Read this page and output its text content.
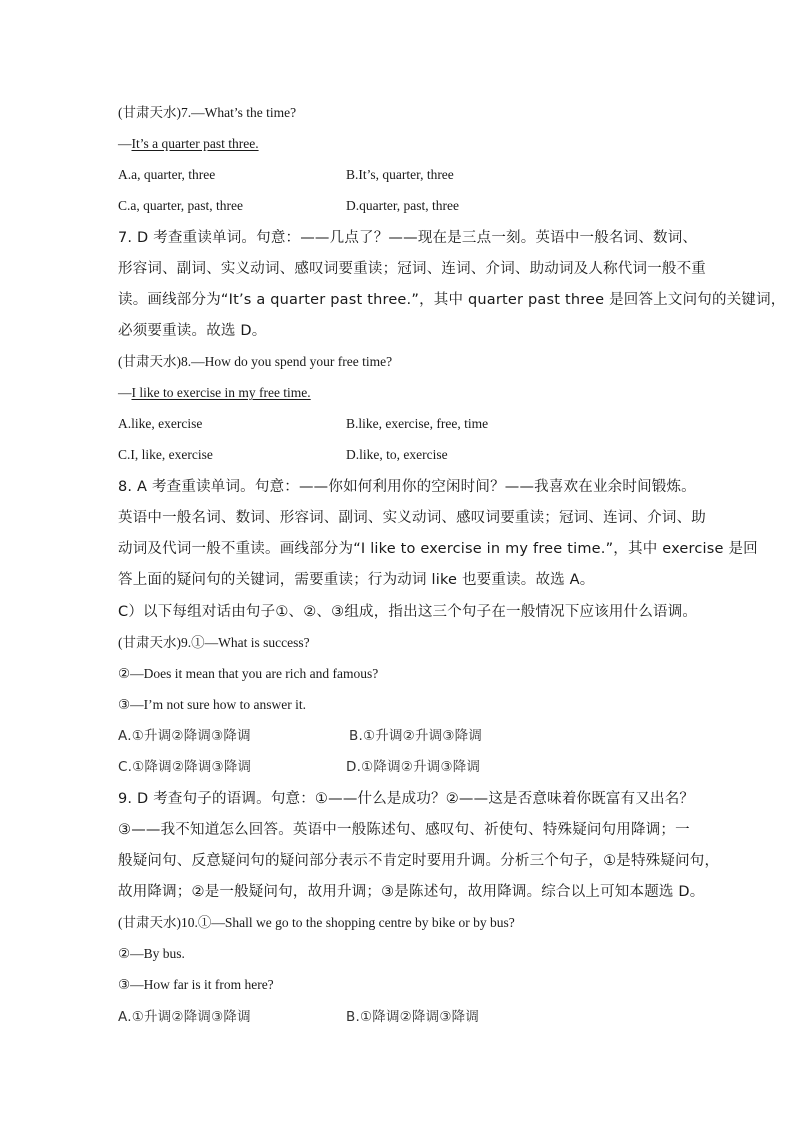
(甘肃天水)7.—What’s the time?
—It’s a quarter past three.
A.a, quarter, three	B.It’s, quarter, three
C.a, quarter, past, three	D.quarter, past, three
7. D 考查重读单词。句意：——几点了？——现在是三点一刻。英语中一般名词、数词、
形容词、副词、实义动词、感叹词要重读；冠词、连词、介词、助动词及人称代词一般不重
读。画线部分为“It’s a quarter past three.”，其中 quarter past three 是回答上文问句的关键词，
必须要重读。故选 D。
(甘肃天水)8.—How do you spend your free time?
—I like to exercise in my free time.
A.like, exercise	B.like, exercise, free, time
C.I, like, exercise	D.like, to, exercise
8. A 考查重读单词。句意：——你如何利用你的空闲时间？——我喜欢在业余时间锻炼。
英语中一般名词、数词、形容词、副词、实义动词、感叹词要重读；冠词、连词、介词、助
动词及代词一般不重读。画线部分为“I like to exercise in my free time.”，其中 exercise 是回
答上面的疑问句的关键词，需要重读；行为动词 like 也要重读。故选 A。
C）以下每组对话由句子①、②、③组成，指出这三个句子在一般情况下应该用什么语调。
(甘肃天水)9.①—What is success?
②—Does it mean that you are rich and famous?
③—I’m not sure how to answer it.
A.①升调②降调③降调	B.①升调②升调③降调
C.①降调②降调③降调	D.①降调②升调③降调
9. D 考查句子的语调。句意：①——什么是成功？②——这是否意味着你既富有又出名？
③——我不知道怎么回答。英语中一般陈述句、感叹句、祈使句、特殊疑问句用降调；一
般疑问句、反意疑问句的疑问部分表示不肯定时要用升调。分析三个句子，①是特殊疑问句，
故用降调；②是一般疑问句，故用升调；③是陈述句，故用降调。综合以上可知本题选 D。
(甘肃天水)10.①—Shall we go to the shopping centre by bike or by bus?
②—By bus.
③—How far is it from here?
A.①升调②降调③降调	B.①降调②降调③降调
